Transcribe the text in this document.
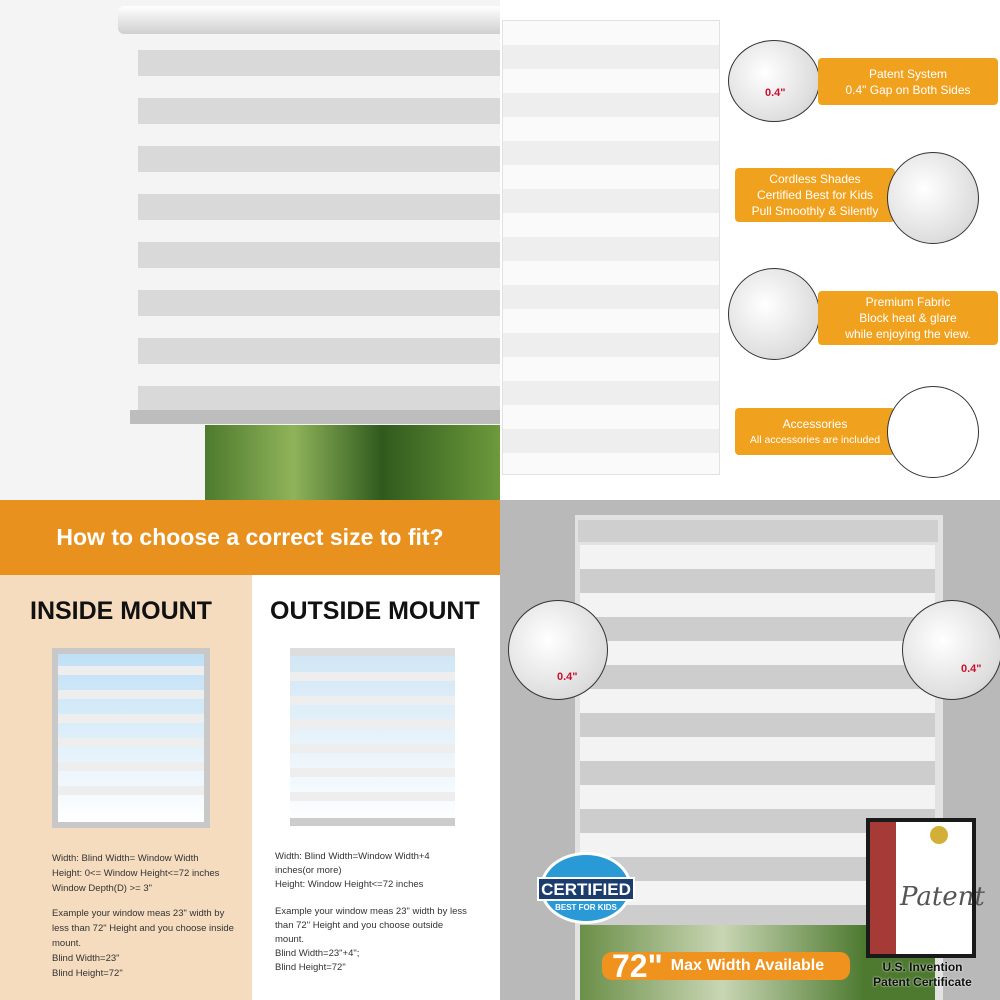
0.4"
Patent System
0.4" Gap on Both Sides
Cordless Shades
Certified Best for Kids
Pull Smoothly & Silently
Premium Fabric
Block heat & glare
while enjoying the view.
Accessories
All accessories are included
How to choose a correct size to fit?
INSIDE MOUNT OUTSIDE MOUNT
Width: Blind Width= Window Width
Height: 0<= Window Height<=72 inches
Window Depth(D) >= 3"
Example your window meas 23" width by less than 72" Height and you choose inside mount.
Blind Width=23"
Blind Height=72"
Width: Blind Width=Window Width+4 inches(or more)
Height: Window Height<=72 inches
Example your window meas 23" width by less than 72" Height and you choose outside mount.
Blind Width=23"+4";
Blind Height=72"
0.4"
0.4"
CERTIFIED
BEST FOR KIDS
72" Max Width Available
Patent
U.S. Invention
Patent Certificate
